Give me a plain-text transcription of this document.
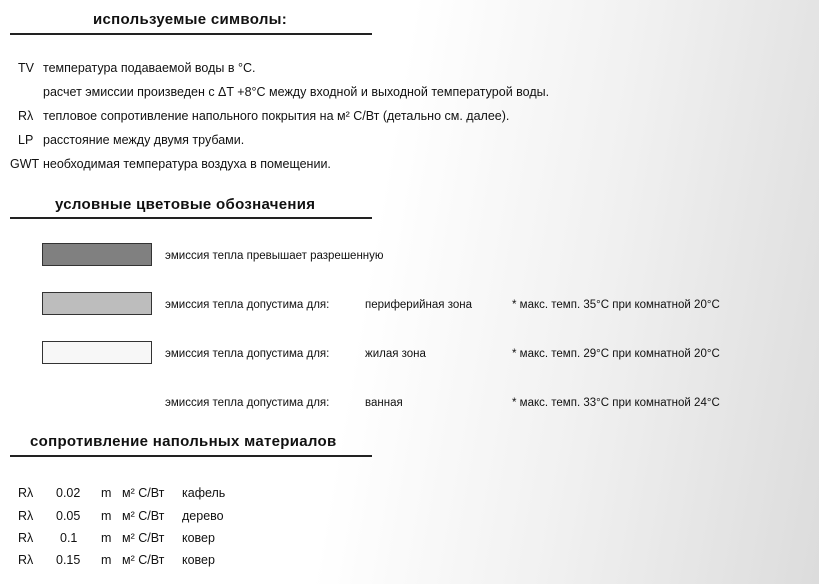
используемые символы:
TV температура подаваемой воды в °C.
расчет эмиссии произведен с ΔT +8°C между входной и выходной температурой воды.
Rλ тепловое сопротивление напольного покрытия на м² C/Вт (детально см. далее).
LP расстояние между двумя трубами.
GWT необходимая температура воздуха в помещении.
условные цветовые обозначения
эмиссия тепла превышает разрешенную
эмиссия тепла допустима для:	периферийная зона	* макс. темп. 35°C при комнатной 20°C
эмиссия тепла допустима для:	жилая зона	* макс. темп. 29°C при комнатной 20°C
эмиссия тепла допустима для:	ванная	* макс. темп. 33°C при комнатной 24°C
сопротивление напольных материалов
Rλ 0.02 m м² C/Вт кафель
Rλ 0.05 m м² C/Вт дерево
Rλ 0.1 m м² C/Вт ковер
Rλ 0.15 m м² C/Вт ковер
